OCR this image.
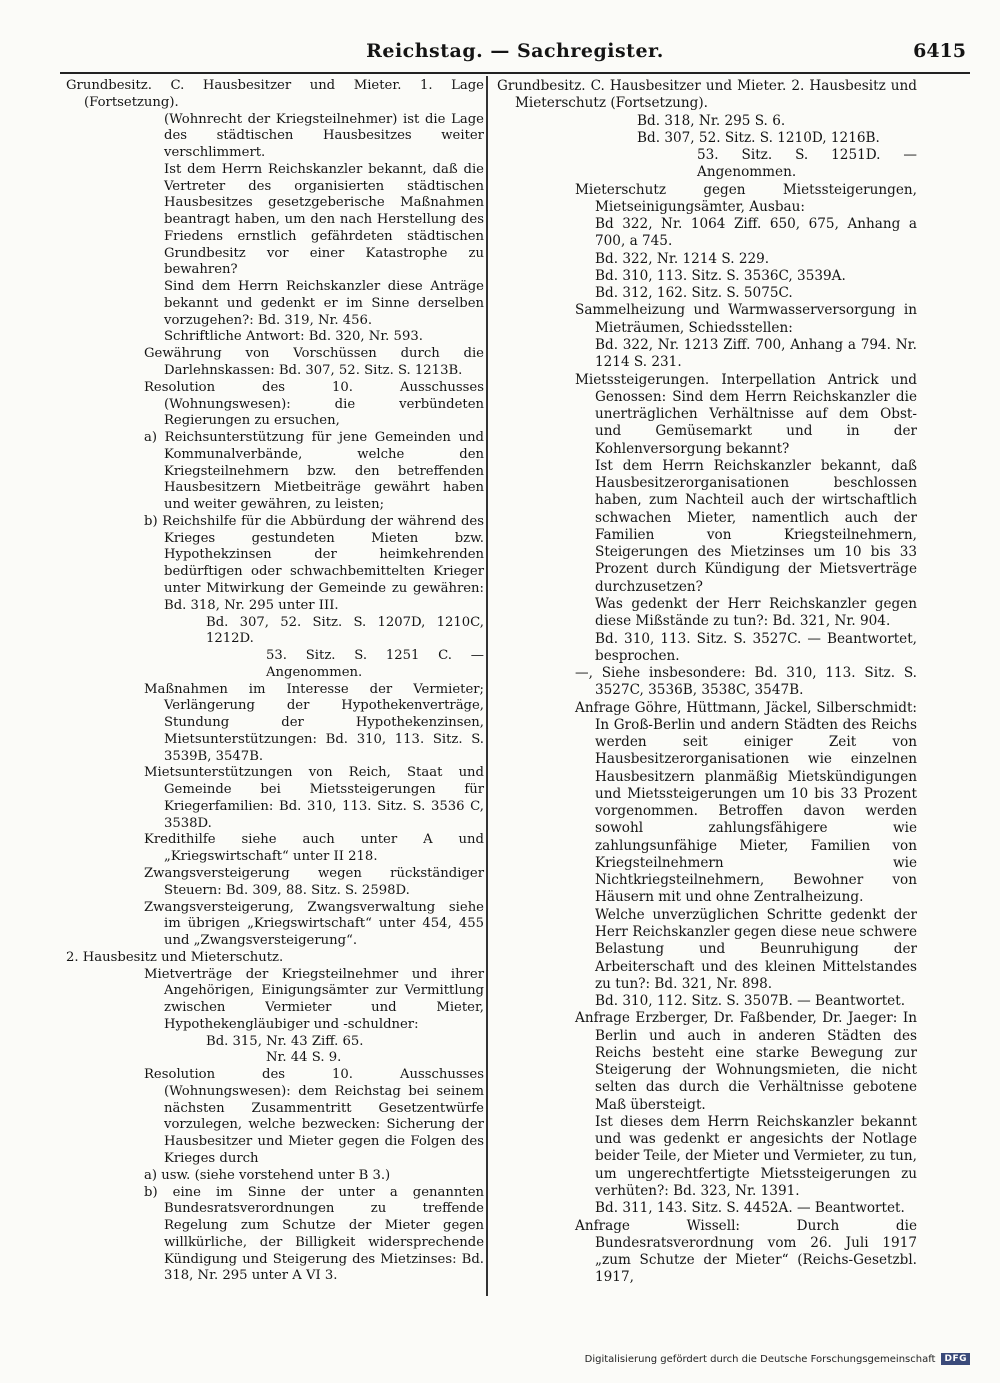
Reichstag. — Sachregister.	6415

Grundbesitz. C. Hausbesitzer und Mieter. 1. Lage (Fortsetzung).

(Wohnrecht der Kriegsteilnehmer) ist die Lage des städtischen Hausbesitzes weiter verschlimmert.

Ist dem Herrn Reichskanzler bekannt, daß die Vertreter des organisierten städtischen Hausbesitzes gesetzgeberische Maßnahmen beantragt haben, um den nach Herstellung des Friedens ernstlich gefährdeten städtischen Grundbesitz vor einer Katastrophe zu bewahren?

Sind dem Herrn Reichskanzler diese Anträge bekannt und gedenkt er im Sinne derselben vorzugehen?: Bd. 319, Nr. 456.

Schriftliche Antwort: Bd. 320, Nr. 593.

Gewährung von Vorschüssen durch die Darlehnskassen: Bd. 307, 52. Sitz. S. 1213B.

Resolution des 10. Ausschusses (Wohnungswesen): die verbündeten Regierungen zu ersuchen,

a) Reichsunterstützung für jene Gemeinden und Kommunalverbände, welche den Kriegsteilnehmern bzw. den betreffenden Hausbesitzern Mietbeiträge gewährt haben und weiter gewähren, zu leisten;

b) Reichshilfe für die Abbürdung der während des Krieges gestundeten Mieten bzw. Hypothekzinsen der heimkehrenden bedürftigen oder schwachbemittelten Krieger unter Mitwirkung der Gemeinde zu gewähren: Bd. 318, Nr. 295 unter III.

Bd. 307, 52. Sitz. S. 1207D, 1210C, 1212D.

53. Sitz. S. 1251 C. — Angenommen.

Maßnahmen im Interesse der Vermieter; Verlängerung der Hypothekenverträge, Stundung der Hypothekenzinsen, Mietsunterstützungen: Bd. 310, 113. Sitz. S. 3539B, 3547B.

Mietsunterstützungen von Reich, Staat und Gemeinde bei Mietssteigerungen für Kriegerfamilien: Bd. 310, 113. Sitz. S. 3536 C, 3538D.

Kredithilfe siehe auch unter A und „Kriegswirtschaft“ unter II 218.

Zwangsversteigerung wegen rückständiger Steuern: Bd. 309, 88. Sitz. S. 2598D.

Zwangsversteigerung, Zwangsverwaltung siehe im übrigen „Kriegswirtschaft“ unter 454, 455 und „Zwangsversteigerung“.

2. Hausbesitz und Mieterschutz.

Mietverträge der Kriegsteilnehmer und ihrer Angehörigen, Einigungsämter zur Vermittlung zwischen Vermieter und Mieter, Hypothekengläubiger und -schuldner:

Bd. 315, Nr. 43 Ziff. 65.

Nr. 44 S. 9.

Resolution des 10. Ausschusses (Wohnungswesen): dem Reichstag bei seinem nächsten Zusammentritt Gesetzentwürfe vorzulegen, welche bezwecken: Sicherung der Hausbesitzer und Mieter gegen die Folgen des Krieges durch

a) usw. (siehe vorstehend unter B 3.)

b) eine im Sinne der unter a genannten Bundesratsverordnungen zu treffende Regelung zum Schutze der Mieter gegen willkürliche, der Billigkeit widersprechende Kündigung und Steigerung des Mietzinses: Bd. 318, Nr. 295 unter A VI 3.

Grundbesitz. C. Hausbesitzer und Mieter. 2. Hausbesitz und Mieterschutz (Fortsetzung).

Bd. 318, Nr. 295 S. 6.

Bd. 307, 52. Sitz. S. 1210D, 1216B.

53. Sitz. S. 1251D. — Angenommen.

Mieterschutz gegen Mietssteigerungen, Mietseinigungsämter, Ausbau:

Bd 322, Nr. 1064 Ziff. 650, 675, Anhang a 700, a 745.

Bd. 322, Nr. 1214 S. 229.

Bd. 310, 113. Sitz. S. 3536C, 3539A.

Bd. 312, 162. Sitz. S. 5075C.

Sammelheizung und Warmwasserversorgung in Mieträumen, Schiedsstellen:

Bd. 322, Nr. 1213 Ziff. 700, Anhang a 794. Nr. 1214 S. 231.

Mietssteigerungen. Interpellation Antrick und Genossen: Sind dem Herrn Reichskanzler die unerträglichen Verhältnisse auf dem Obst- und Gemüsemarkt und in der Kohlenversorgung bekannt?

Ist dem Herrn Reichskanzler bekannt, daß Hausbesitzerorganisationen beschlossen haben, zum Nachteil auch der wirtschaftlich schwachen Mieter, namentlich auch der Familien von Kriegsteilnehmern, Steigerungen des Mietzinses um 10 bis 33 Prozent durch Kündigung der Mietsverträge durchzusetzen?

Was gedenkt der Herr Reichskanzler gegen diese Mißstände zu tun?: Bd. 321, Nr. 904.

Bd. 310, 113. Sitz. S. 3527C. — Beantwortet, besprochen.

—, Siehe insbesondere: Bd. 310, 113. Sitz. S. 3527C, 3536B, 3538C, 3547B.

Anfrage Göhre, Hüttmann, Jäckel, Silberschmidt: In Groß-Berlin und andern Städten des Reichs werden seit einiger Zeit von Hausbesitzerorganisationen wie einzelnen Hausbesitzern planmäßig Mietskündigungen und Mietssteigerungen um 10 bis 33 Prozent vorgenommen. Betroffen davon werden sowohl zahlungsfähigere wie zahlungsunfähige Mieter, Familien von Kriegsteilnehmern wie Nichtkriegsteilnehmern, Bewohner von Häusern mit und ohne Zentralheizung.

Welche unverzüglichen Schritte gedenkt der Herr Reichskanzler gegen diese neue schwere Belastung und Beunruhigung der Arbeiterschaft und des kleinen Mittelstandes zu tun?: Bd. 321, Nr. 898.

Bd. 310, 112. Sitz. S. 3507B. — Beantwortet.

Anfrage Erzberger, Dr. Faßbender, Dr. Jaeger: In Berlin und auch in anderen Städten des Reichs besteht eine starke Bewegung zur Steigerung der Wohnungsmieten, die nicht selten das durch die Verhältnisse gebotene Maß übersteigt.

Ist dieses dem Herrn Reichskanzler bekannt und was gedenkt er angesichts der Notlage beider Teile, der Mieter und Vermieter, zu tun, um ungerechtfertigte Mietssteigerungen zu verhüten?: Bd. 323, Nr. 1391.

Bd. 311, 143. Sitz. S. 4452A. — Beantwortet.

Anfrage Wissell: Durch die Bundesratsverordnung vom 26. Juli 1917 „zum Schutze der Mieter“ (Reichs-Gesetzbl. 1917,

Digitalisierung gefördert durch die Deutsche Forschungsgemeinschaft	DFG
